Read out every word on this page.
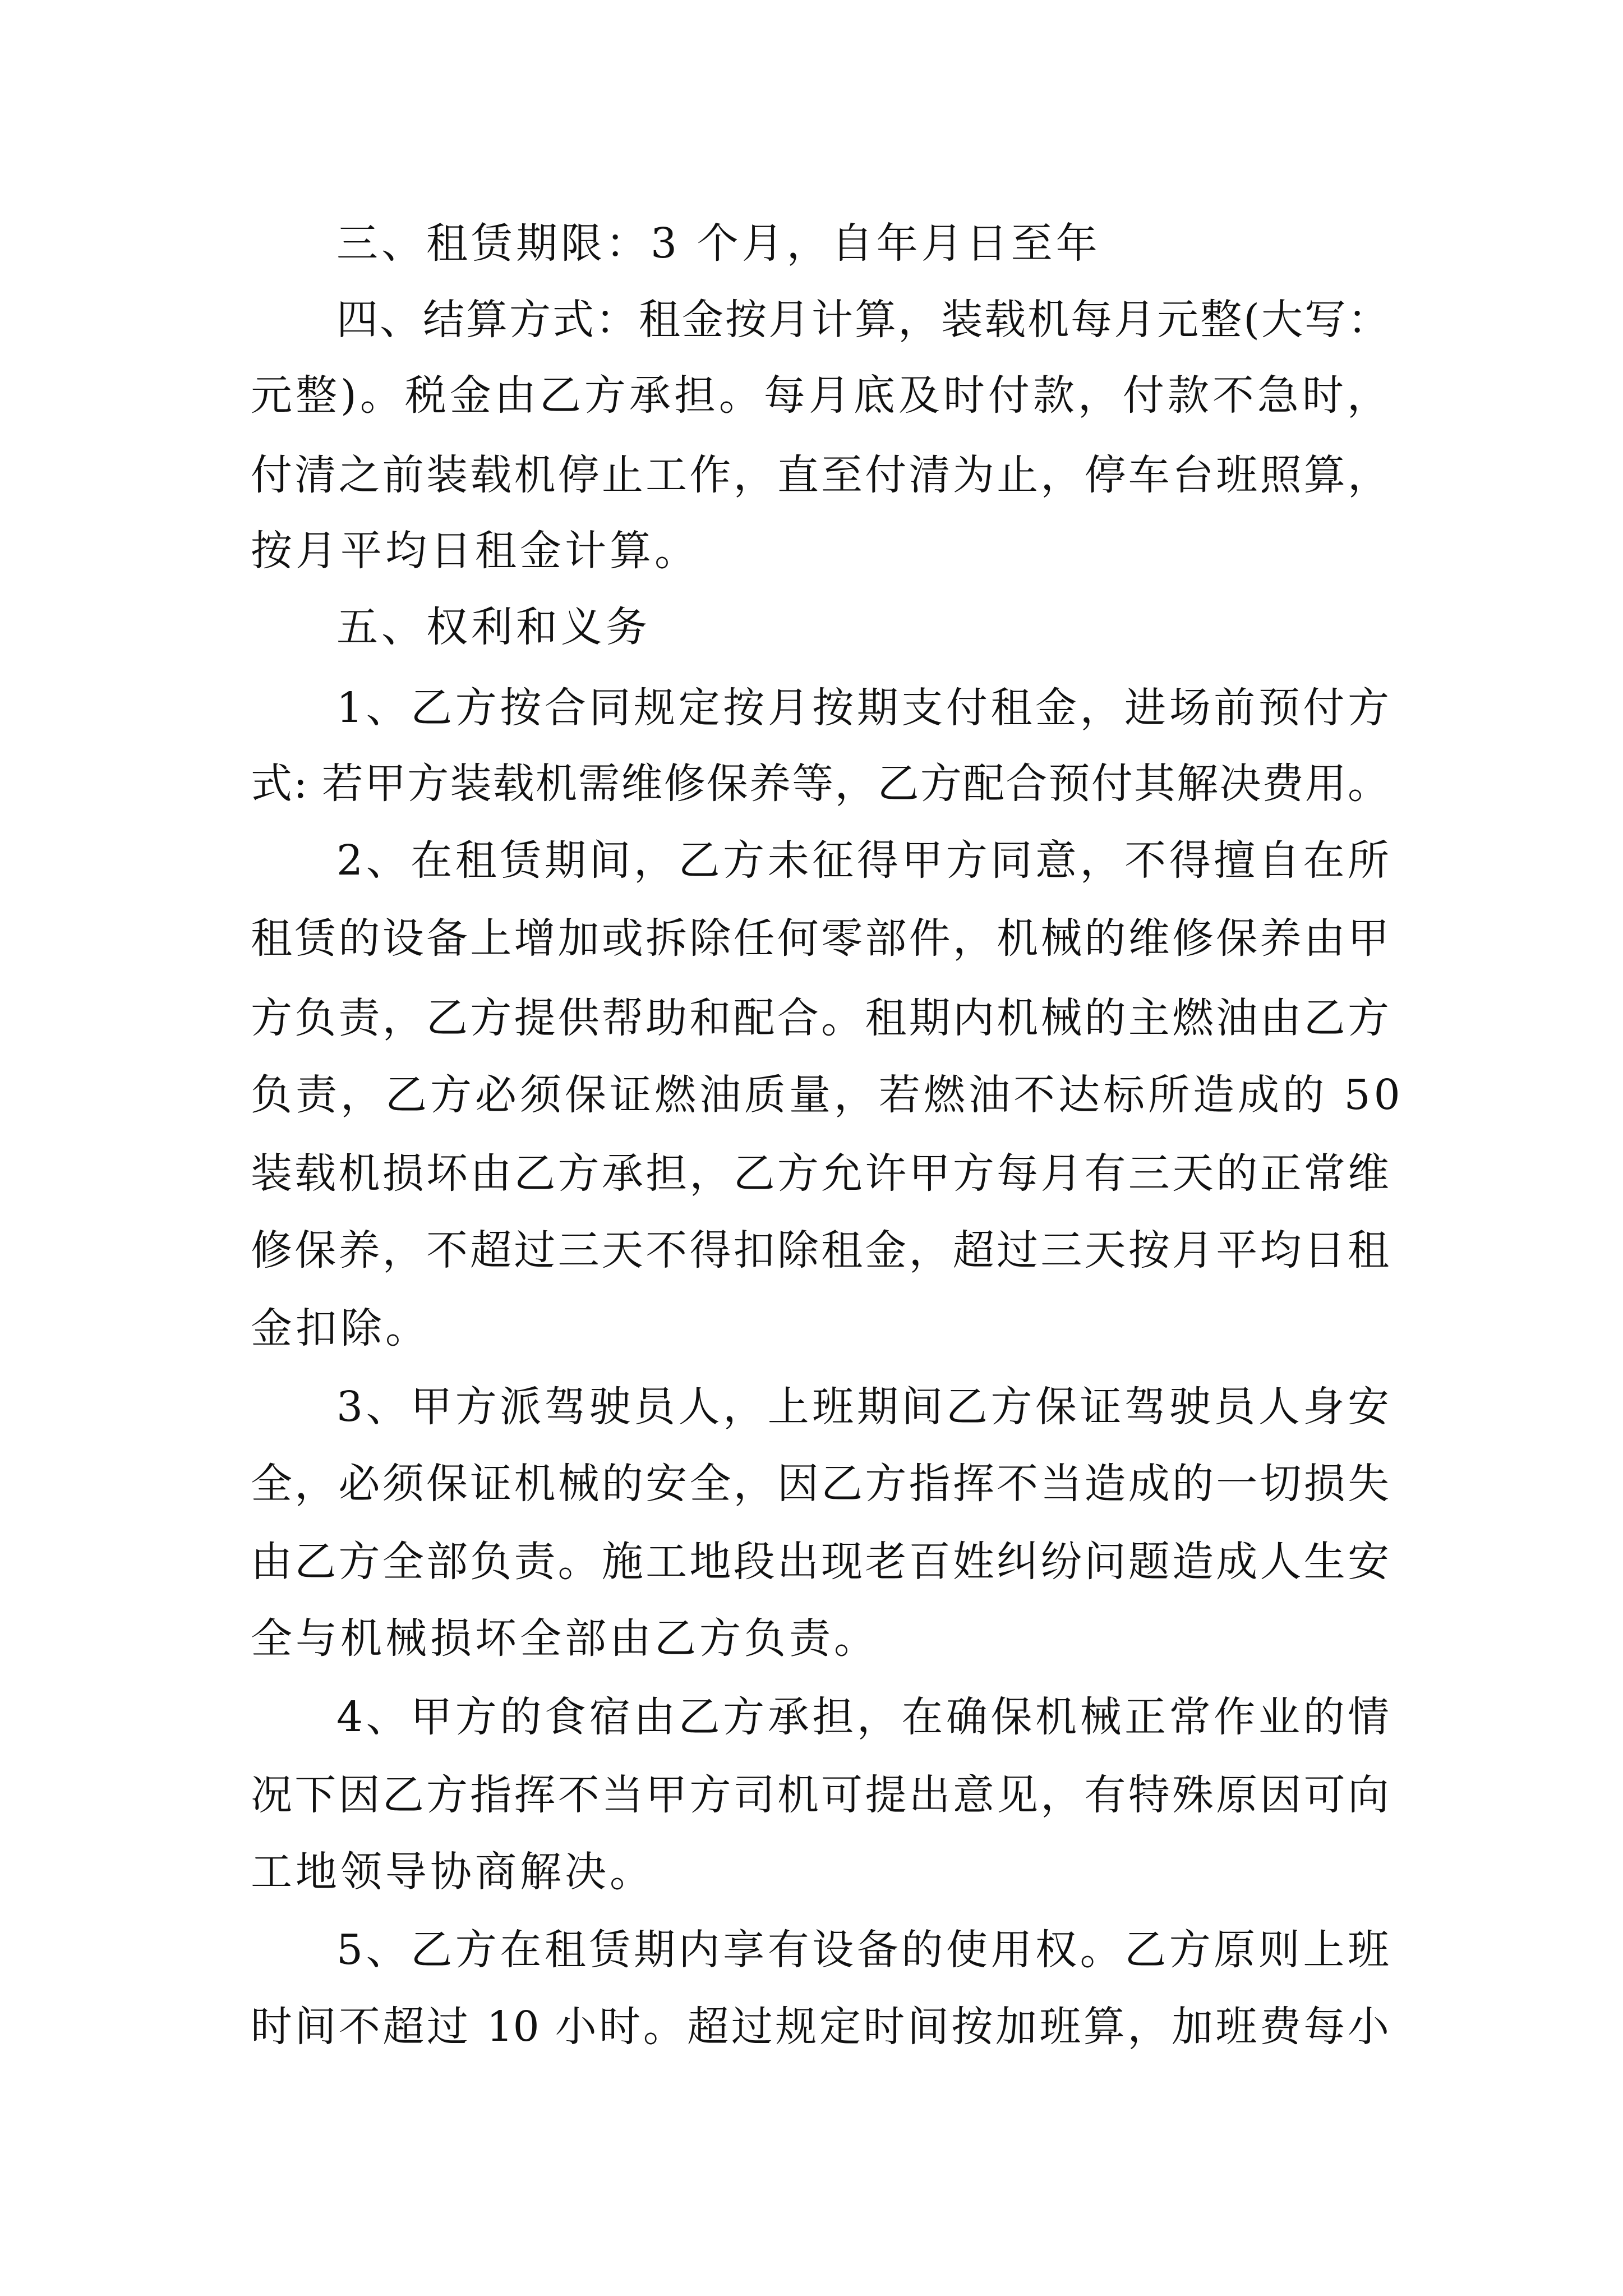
三、租赁期限：3 个月，自年月日至年
四、结算方式：租金按月计算，装载机每月元整(大写：
元整)。税金由乙方承担。每月底及时付款，付款不急时，
付清之前装载机停止工作，直至付清为止，停车台班照算，
按月平均日租金计算。
五、权利和义务
1、乙方按合同规定按月按期支付租金，进场前预付方
式: 若甲方装载机需维修保养等，乙方配合预付其解决费用。
2、在租赁期间，乙方未征得甲方同意，不得擅自在所
租赁的设备上增加或拆除任何零部件，机械的维修保养由甲
方负责，乙方提供帮助和配合。租期内机械的主燃油由乙方
负责，乙方必须保证燃油质量，若燃油不达标所造成的 50
装载机损坏由乙方承担，乙方允许甲方每月有三天的正常维
修保养，不超过三天不得扣除租金，超过三天按月平均日租
金扣除。
3、甲方派驾驶员人，上班期间乙方保证驾驶员人身安
全，必须保证机械的安全，因乙方指挥不当造成的一切损失
由乙方全部负责。施工地段出现老百姓纠纷问题造成人生安
全与机械损坏全部由乙方负责。
4、甲方的食宿由乙方承担，在确保机械正常作业的情
况下因乙方指挥不当甲方司机可提出意见，有特殊原因可向
工地领导协商解决。
5、乙方在租赁期内享有设备的使用权。乙方原则上班
时间不超过 10 小时。超过规定时间按加班算，加班费每小
